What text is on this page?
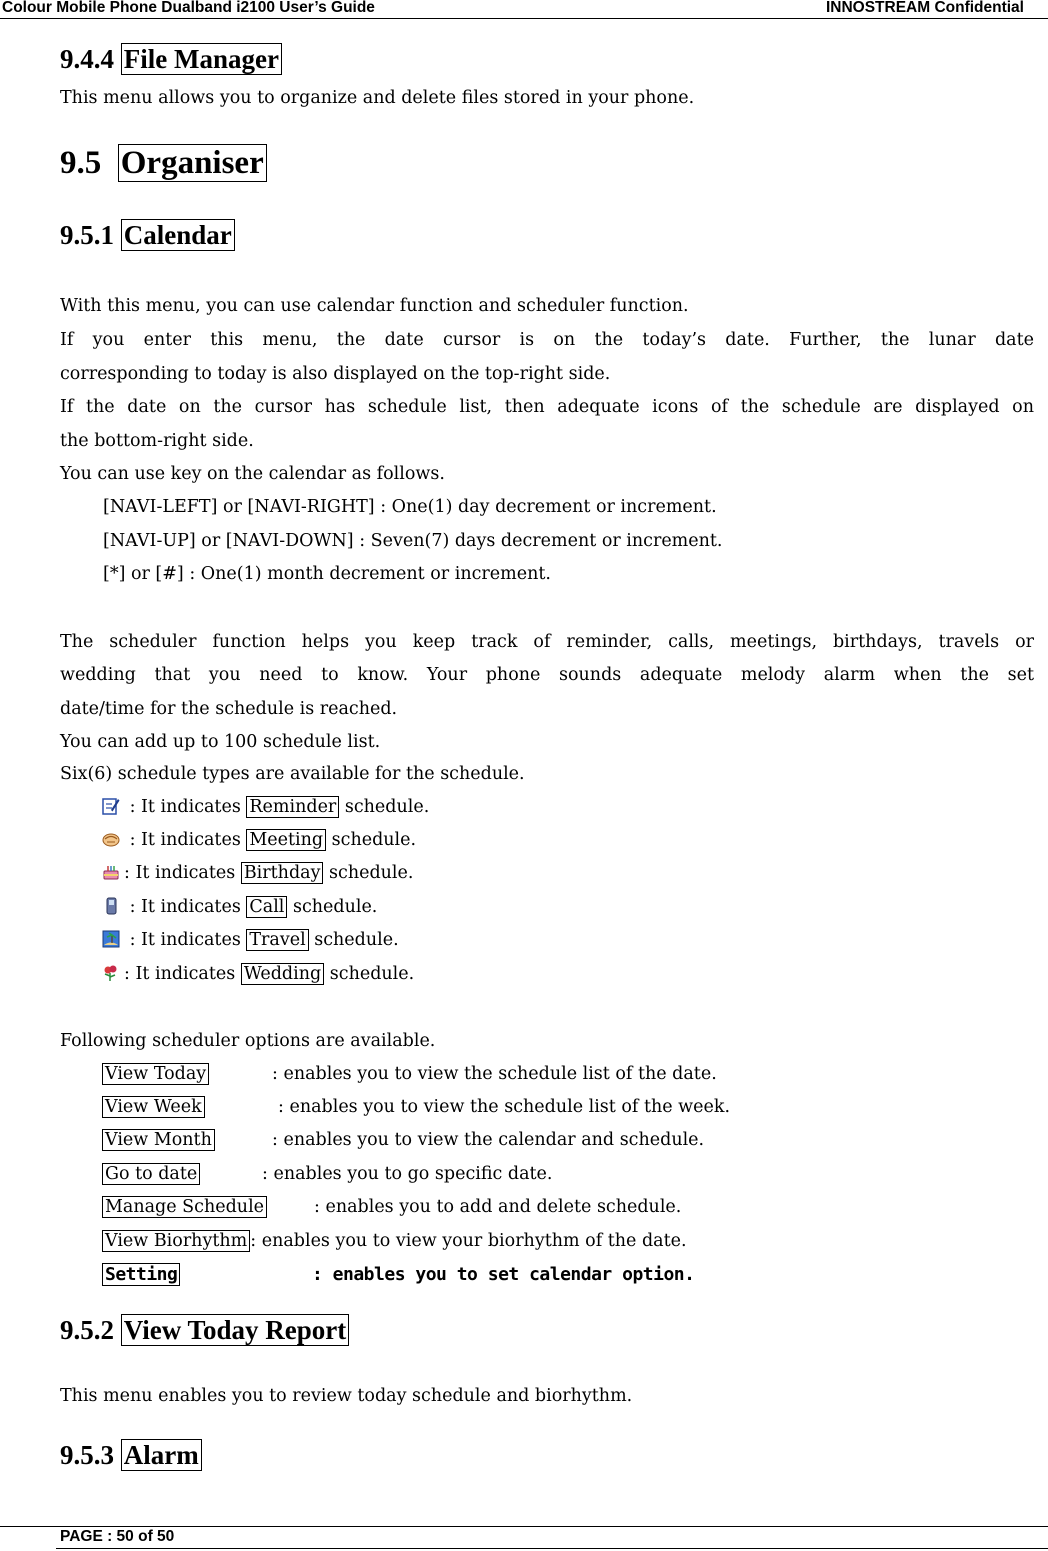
Colour Mobile Phone Dualband i2100 User’s Guide	INNOSTREAM Confidential
9.4.4 File Manager
This menu allows you to organize and delete files stored in your phone.
9.5 Organiser
9.5.1 Calendar
With this menu, you can use calendar function and scheduler function.
If you enter this menu, the date cursor is on the today’s date. Further, the lunar date
corresponding to today is also displayed on the top-right side.
If the date on the cursor has schedule list, then adequate icons of the schedule are displayed on
the bottom-right side.
You can use key on the calendar as follows.
[NAVI-LEFT] or [NAVI-RIGHT] : One(1) day decrement or increment.
[NAVI-UP] or [NAVI-DOWN] : Seven(7) days decrement or increment.
[*] or [#] : One(1) month decrement or increment.
The scheduler function helps you keep track of reminder, calls, meetings, birthdays, travels or
wedding that you need to know. Your phone sounds adequate melody alarm when the set
date/time for the schedule is reached.
You can add up to 100 schedule list.
Six(6) schedule types are available for the schedule.
: It indicates Reminder schedule.
: It indicates Meeting schedule.
: It indicates Birthday schedule.
: It indicates Call schedule.
: It indicates Travel schedule.
: It indicates Wedding schedule.
Following scheduler options are available.
View Today	: enables you to view the schedule list of the date.
View Week	: enables you to view the schedule list of the week.
View Month	: enables you to view the calendar and schedule.
Go to date	: enables you to go specific date.
Manage Schedule	: enables you to add and delete schedule.
View Biorhythm : enables you to view your biorhythm of the date.
Setting	: enables you to set calendar option.
9.5.2 View Today Report
This menu enables you to review today schedule and biorhythm.
9.5.3 Alarm
PAGE : 50 of 50
